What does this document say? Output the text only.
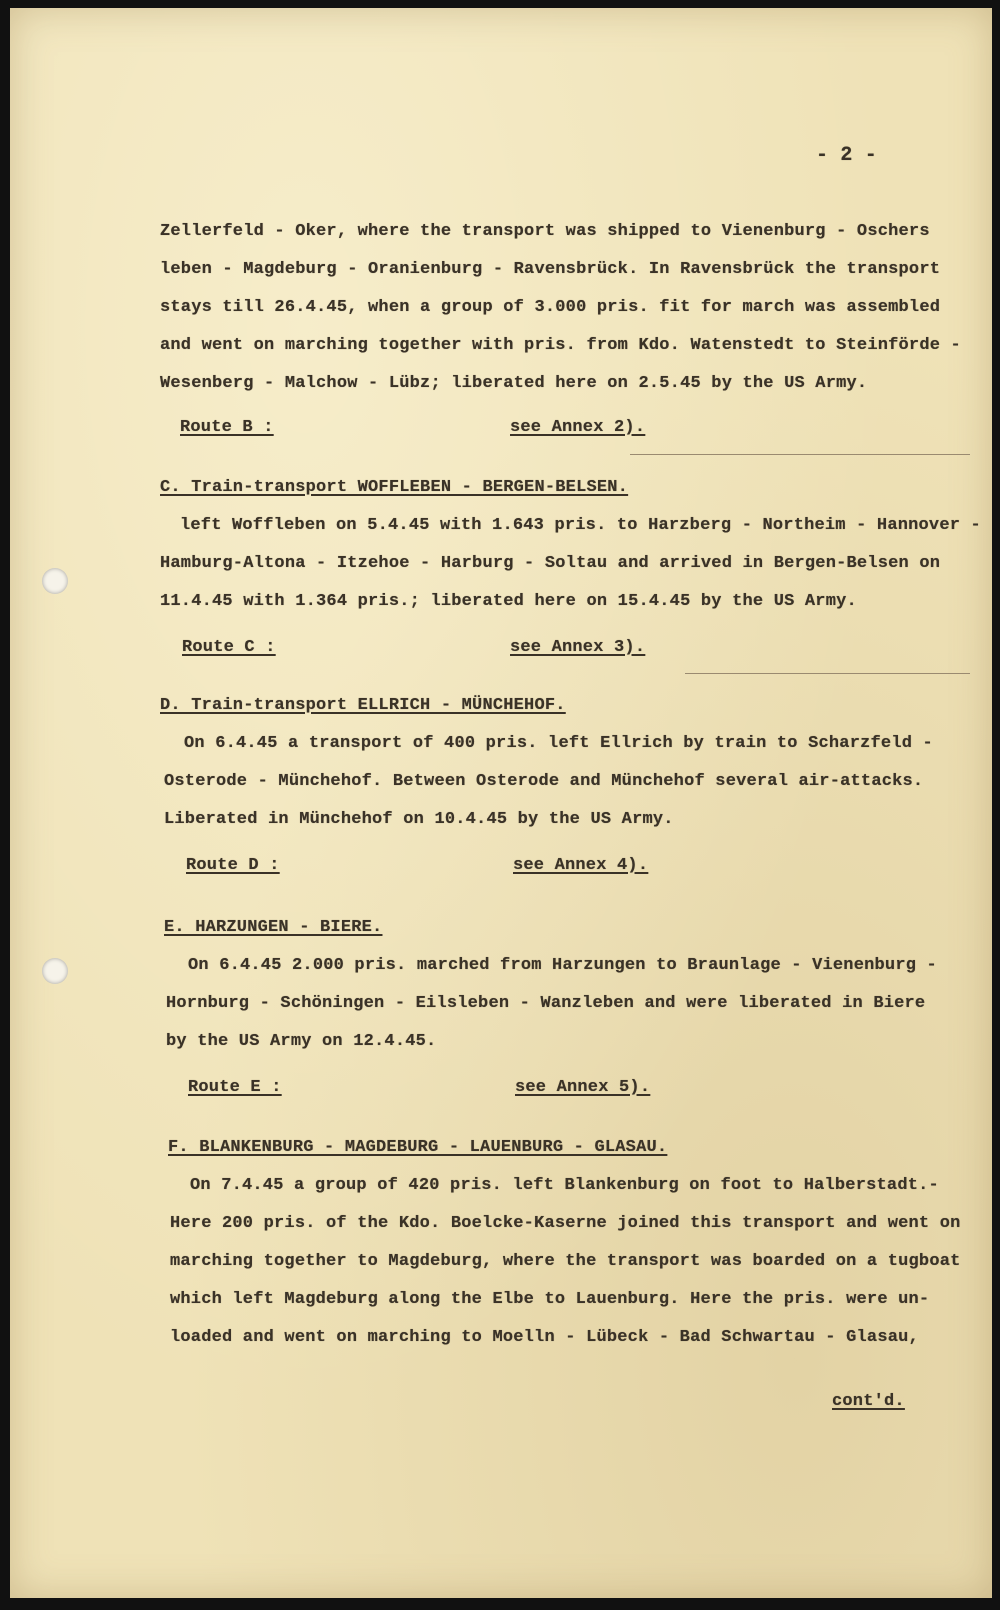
- 2 -
Zellerfeld - Oker, where the transport was shipped to Vienenburg - Oschers
leben - Magdeburg - Oranienburg - Ravensbrück. In Ravensbrück the transport
stays till 26.4.45, when a group of 3.000 pris. fit for march was assembled
and went on marching together with pris. from Kdo. Watenstedt to Steinförde -
Wesenberg - Malchow - Lübz; liberated here on 2.5.45 by the US Army.
Route B :	see Annex 2).
C. Train-transport WOFFLEBEN - BERGEN-BELSEN.
left Woffleben on 5.4.45 with 1.643 pris. to Harzberg - Northeim - Hannover -
Hamburg-Altona - Itzehoe - Harburg - Soltau and arrived in Bergen-Belsen on
11.4.45 with 1.364 pris.; liberated here on 15.4.45 by the US Army.
Route C :	see Annex 3).
D. Train-transport ELLRICH - MÜNCHEHOF.
On 6.4.45 a transport of 400 pris. left Ellrich by train to Scharzfeld -
Osterode - Münchehof. Between Osterode and Münchehof several air-attacks.
Liberated in Münchehof on 10.4.45 by the US Army.
Route D :	see Annex 4).
E. HARZUNGEN - BIERE.
On 6.4.45 2.000 pris. marched from Harzungen to Braunlage - Vienenburg -
Hornburg - Schöningen - Eilsleben - Wanzleben and were liberated in Biere
by the US Army on 12.4.45.
Route E :	see Annex 5).
F. BLANKENBURG - MAGDEBURG - LAUENBURG - GLASAU.
On 7.4.45 a group of 420 pris. left Blankenburg on foot to Halberstadt.-
Here 200 pris. of the Kdo. Boelcke-Kaserne joined this transport and went on
marching together to Magdeburg, where the transport was boarded on a tugboat
which left Magdeburg along the Elbe to Lauenburg. Here the pris. were un-
loaded and went on marching to Moelln - Lübeck - Bad Schwartau - Glasau,
cont'd.
